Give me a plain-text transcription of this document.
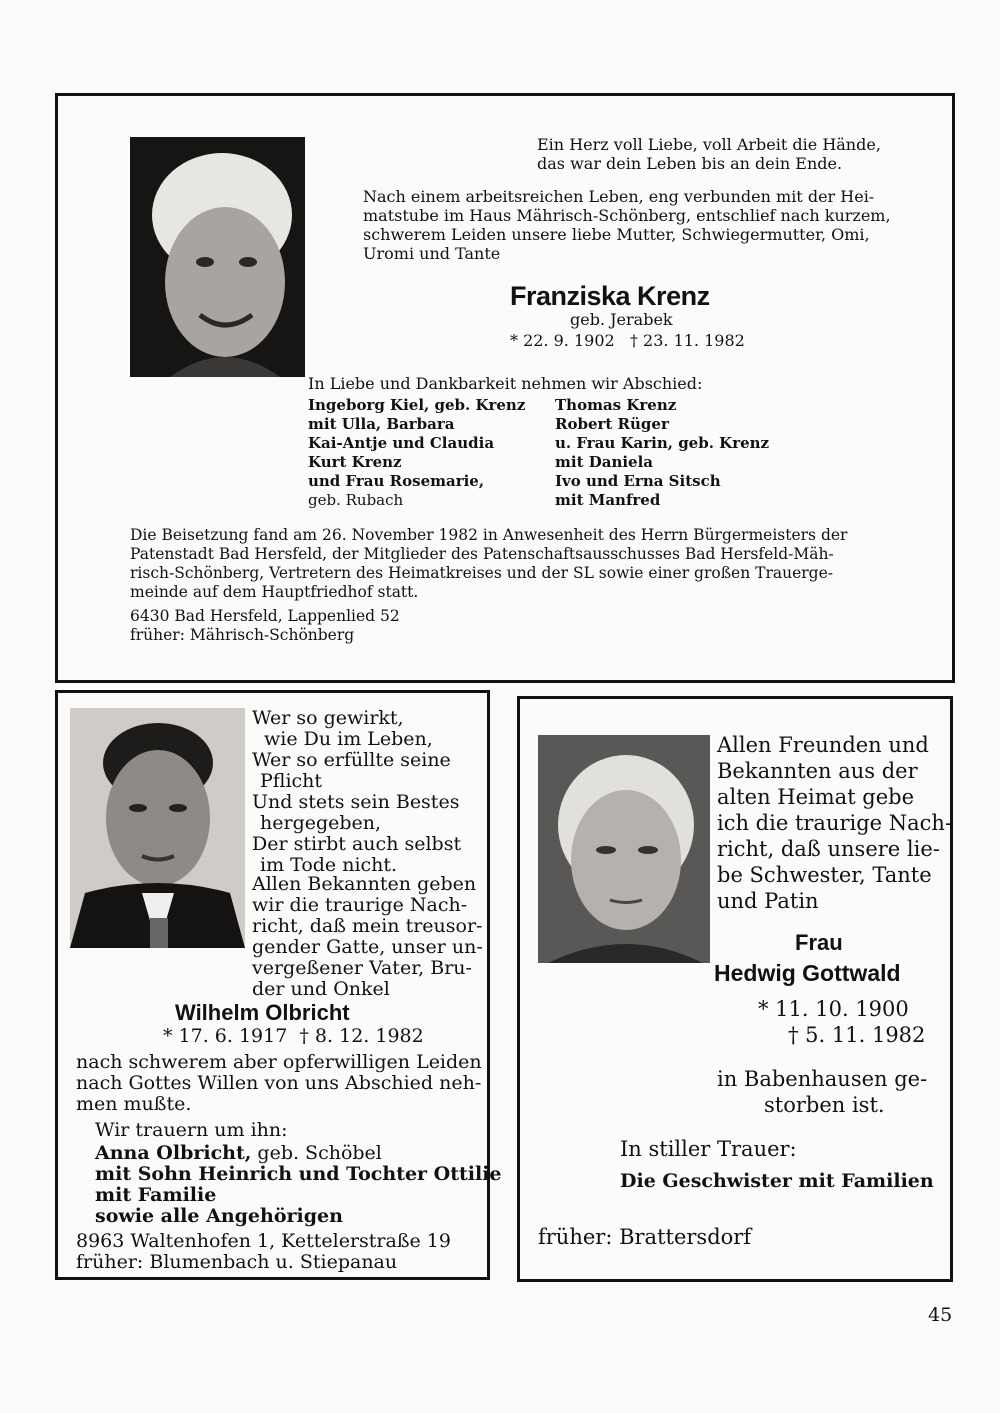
Ein Herz voll Liebe, voll Arbeit die Hände,
das war dein Leben bis an dein Ende.
Nach einem arbeitsreichen Leben, eng verbunden mit der Hei-
matstube im Haus Mährisch-Schönberg, entschlief nach kurzem,
schwerem Leiden unsere liebe Mutter, Schwiegermutter, Omi,
Uromi und Tante
Franziska Krenz
geb. Jerabek
* 22. 9. 1902   † 23. 11. 1982
In Liebe und Dankbarkeit nehmen wir Abschied:
Ingeborg Kiel, geb. Krenz
mit Ulla, Barbara
Kai-Antje und Claudia
Kurt Krenz
und Frau Rosemarie,
geb. Rubach
Thomas Krenz
Robert Rüger
u. Frau Karin, geb. Krenz
mit Daniela
Ivo und Erna Sitsch
mit Manfred
Die Beisetzung fand am 26. November 1982 in Anwesenheit des Herrn Bürgermeisters der
Patenstadt Bad Hersfeld, der Mitglieder des Patenschaftsausschusses Bad Hersfeld-Mäh-
risch-Schönberg, Vertretern des Heimatkreises und der SL sowie einer großen Trauerge-
meinde auf dem Hauptfriedhof statt.
6430 Bad Hersfeld, Lappenlied 52
früher: Mährisch-Schönberg
Wer so gewirkt,
wie Du im Leben,
Wer so erfüllte seine
Pflicht
Und stets sein Bestes
hergegeben,
Der stirbt auch selbst
im Tode nicht.
Allen Bekannten geben
wir die traurige Nach-
richt, daß mein treusor-
gender Gatte, unser un-
vergeßener Vater, Bru-
der und Onkel
Wilhelm Olbricht
* 17. 6. 1917  † 8. 12. 1982
nach schwerem aber opferwilligen Leiden
nach Gottes Willen von uns Abschied neh-
men mußte.
Wir trauern um ihn:
Anna Olbricht, geb. Schöbel
mit Sohn Heinrich und Tochter Ottilie
mit Familie
sowie alle Angehörigen
8963 Waltenhofen 1, Kettelerstraße 19
früher: Blumenbach u. Stiepanau
Allen Freunden und
Bekannten aus der
alten Heimat gebe
ich die traurige Nach-
richt, daß unsere lie-
be Schwester, Tante
und Patin
Frau
Hedwig Gottwald
* 11. 10. 1900
† 5. 11. 1982
in Babenhausen ge-
storben ist.
In stiller Trauer:
Die Geschwister mit Familien
früher: Brattersdorf
45
